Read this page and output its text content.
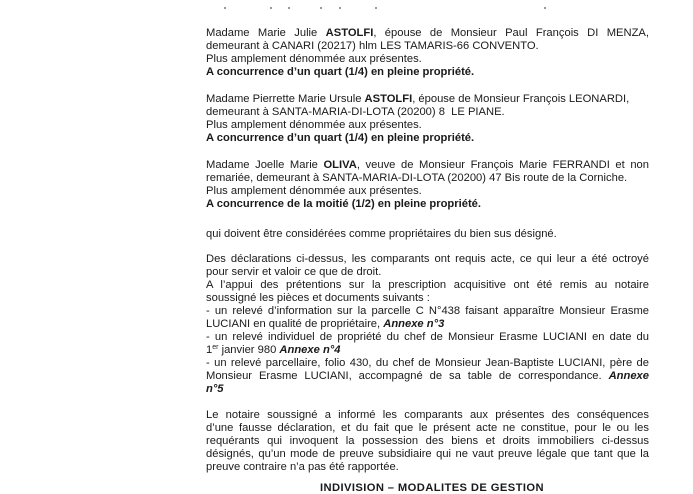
Madame Marie Julie ASTOLFI, épouse de Monsieur Paul François DI MENZA,
demeurant à CANARI (20217) hlm LES TAMARIS-66 CONVENTO.
Plus amplement dénommée aux présentes.
A concurrence d’un quart (1/4) en pleine propriété.
Madame Pierrette Marie Ursule ASTOLFI, épouse de Monsieur François LEONARDI,
demeurant à SANTA-MARIA-DI-LOTA (20200) 8  LE PIANE.
Plus amplement dénommée aux présentes.
A concurrence d’un quart (1/4) en pleine propriété.
Madame Joelle Marie OLIVA, veuve de Monsieur François Marie FERRANDI et non
remariée, demeurant à SANTA-MARIA-DI-LOTA (20200) 47 Bis route de la Corniche.
Plus amplement dénommée aux présentes.
A concurrence de la moitié (1/2) en pleine propriété.
qui doivent être considérées comme propriétaires du bien sus désigné.
Des déclarations ci-dessus, les comparants ont requis acte, ce qui leur a été octroyé
pour servir et valoir ce que de droit.
A l’appui des prétentions sur la prescription acquisitive ont été remis au notaire
soussigné les pièces et documents suivants :
- un relevé d’information sur la parcelle C N°438 faisant apparaître Monsieur Erasme
LUCIANI en qualité de propriétaire, Annexe n°3
- un relevé individuel de propriété du chef de Monsieur Erasme LUCIANI en date du
1er janvier 980 Annexe n°4
- un relevé parcellaire, folio 430, du chef de Monsieur Jean-Baptiste LUCIANI, père de
Monsieur Erasme LUCIANI, accompagné de sa table de correspondance. Annexe
n°5
Le notaire soussigné a informé les comparants aux présentes des conséquences
d’une fausse déclaration, et du fait que le présent acte ne constitue, pour le ou les
requérants qui invoquent la possession des biens et droits immobiliers ci-dessus
désignés, qu’un mode de preuve subsidiaire qui ne vaut preuve légale que tant que la
preuve contraire n’a pas été rapportée.
INDIVISION – MODALITES DE GESTION
